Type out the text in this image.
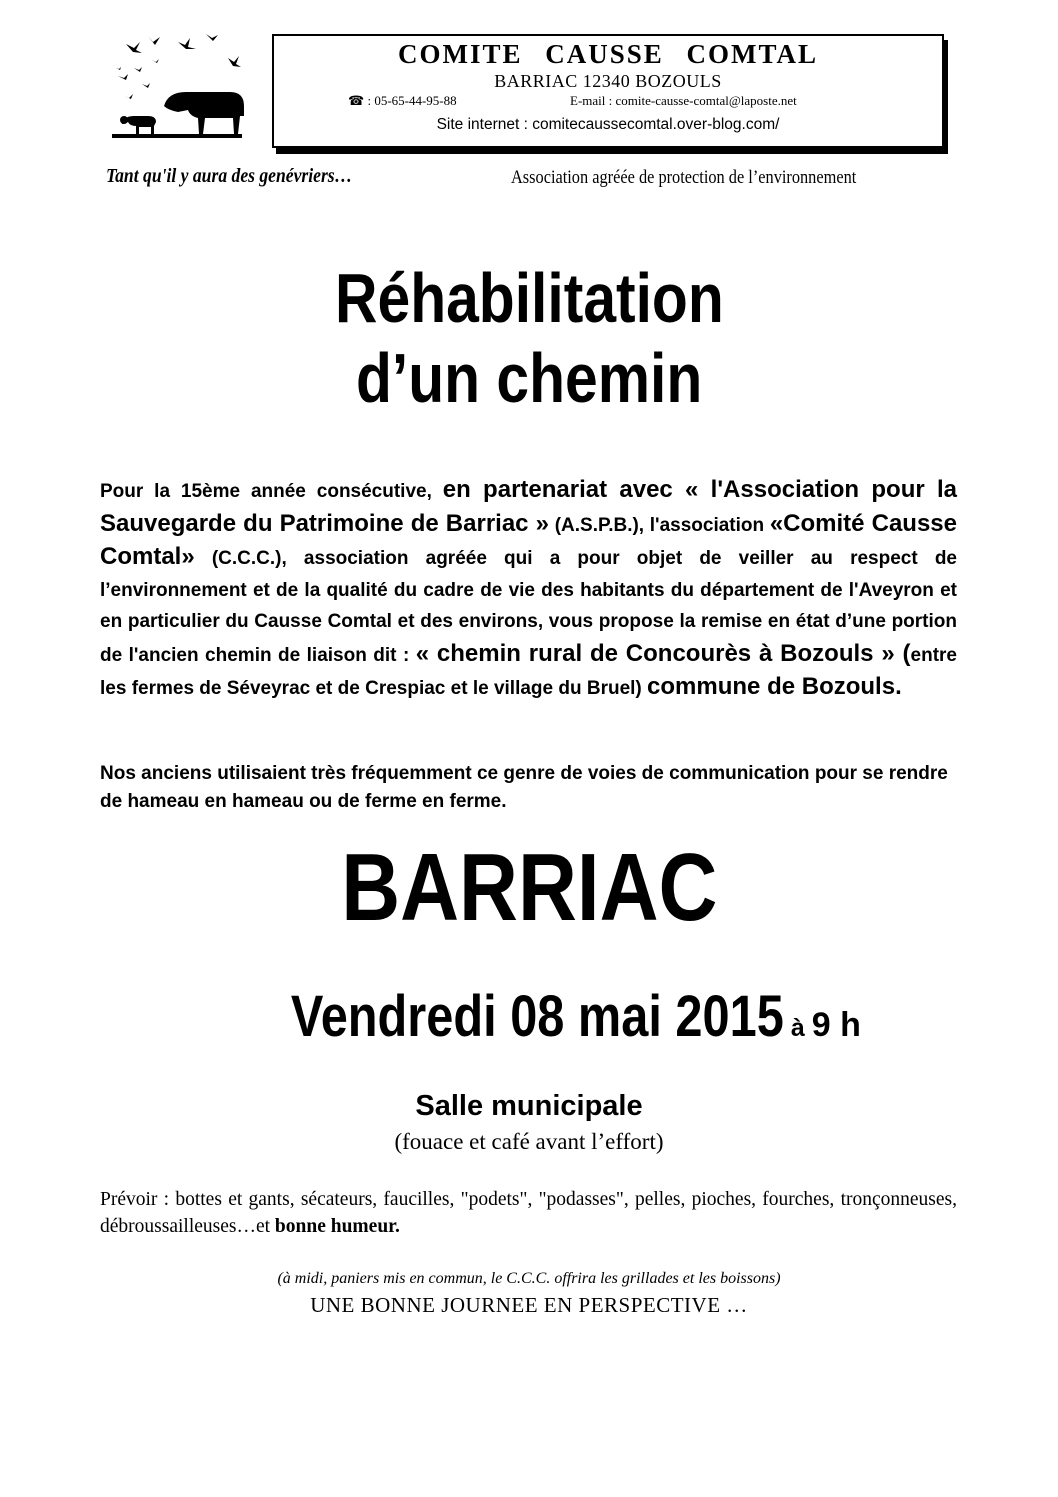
COMITE CAUSSE COMTAL
BARRIAC 12340 BOZOULS
☎ : 05-65-44-95-88	E-mail : comite-causse-comtal@laposte.net
Site internet : comitecaussecomtal.over-blog.com/
Tant qu'il y aura des genévriers…	Association agréée de protection de l’environnement
Réhabilitation
d’un chemin
Pour la 15ème année consécutive, en partenariat avec « l'Association pour la Sauvegarde du Patrimoine de Barriac » (A.S.P.B.), l'association «Comité Causse Comtal» (C.C.C.), association agréée qui a pour objet de veiller au respect de l’environnement et de la qualité du cadre de vie des habitants du département de l'Aveyron et en particulier du Causse Comtal et des environs, vous propose la remise en état d’une portion de l'ancien chemin de liaison dit : « chemin rural de Concourès à Bozouls » (entre les fermes de Séveyrac et de Crespiac et le village du Bruel) commune de Bozouls.
Nos anciens utilisaient très fréquemment ce genre de voies de communication pour se rendre de hameau en hameau ou de ferme en ferme.
BARRIAC
Vendredi 08 mai 2015 à 9 h
Salle municipale
(fouace et café avant l’effort)
Prévoir : bottes et gants, sécateurs, faucilles, "podets", "podasses", pelles, pioches, fourches, tronçonneuses, débroussailleuses…et bonne humeur.
(à midi, paniers mis en commun, le C.C.C. offrira les grillades et les boissons)
UNE BONNE JOURNEE EN PERSPECTIVE …
